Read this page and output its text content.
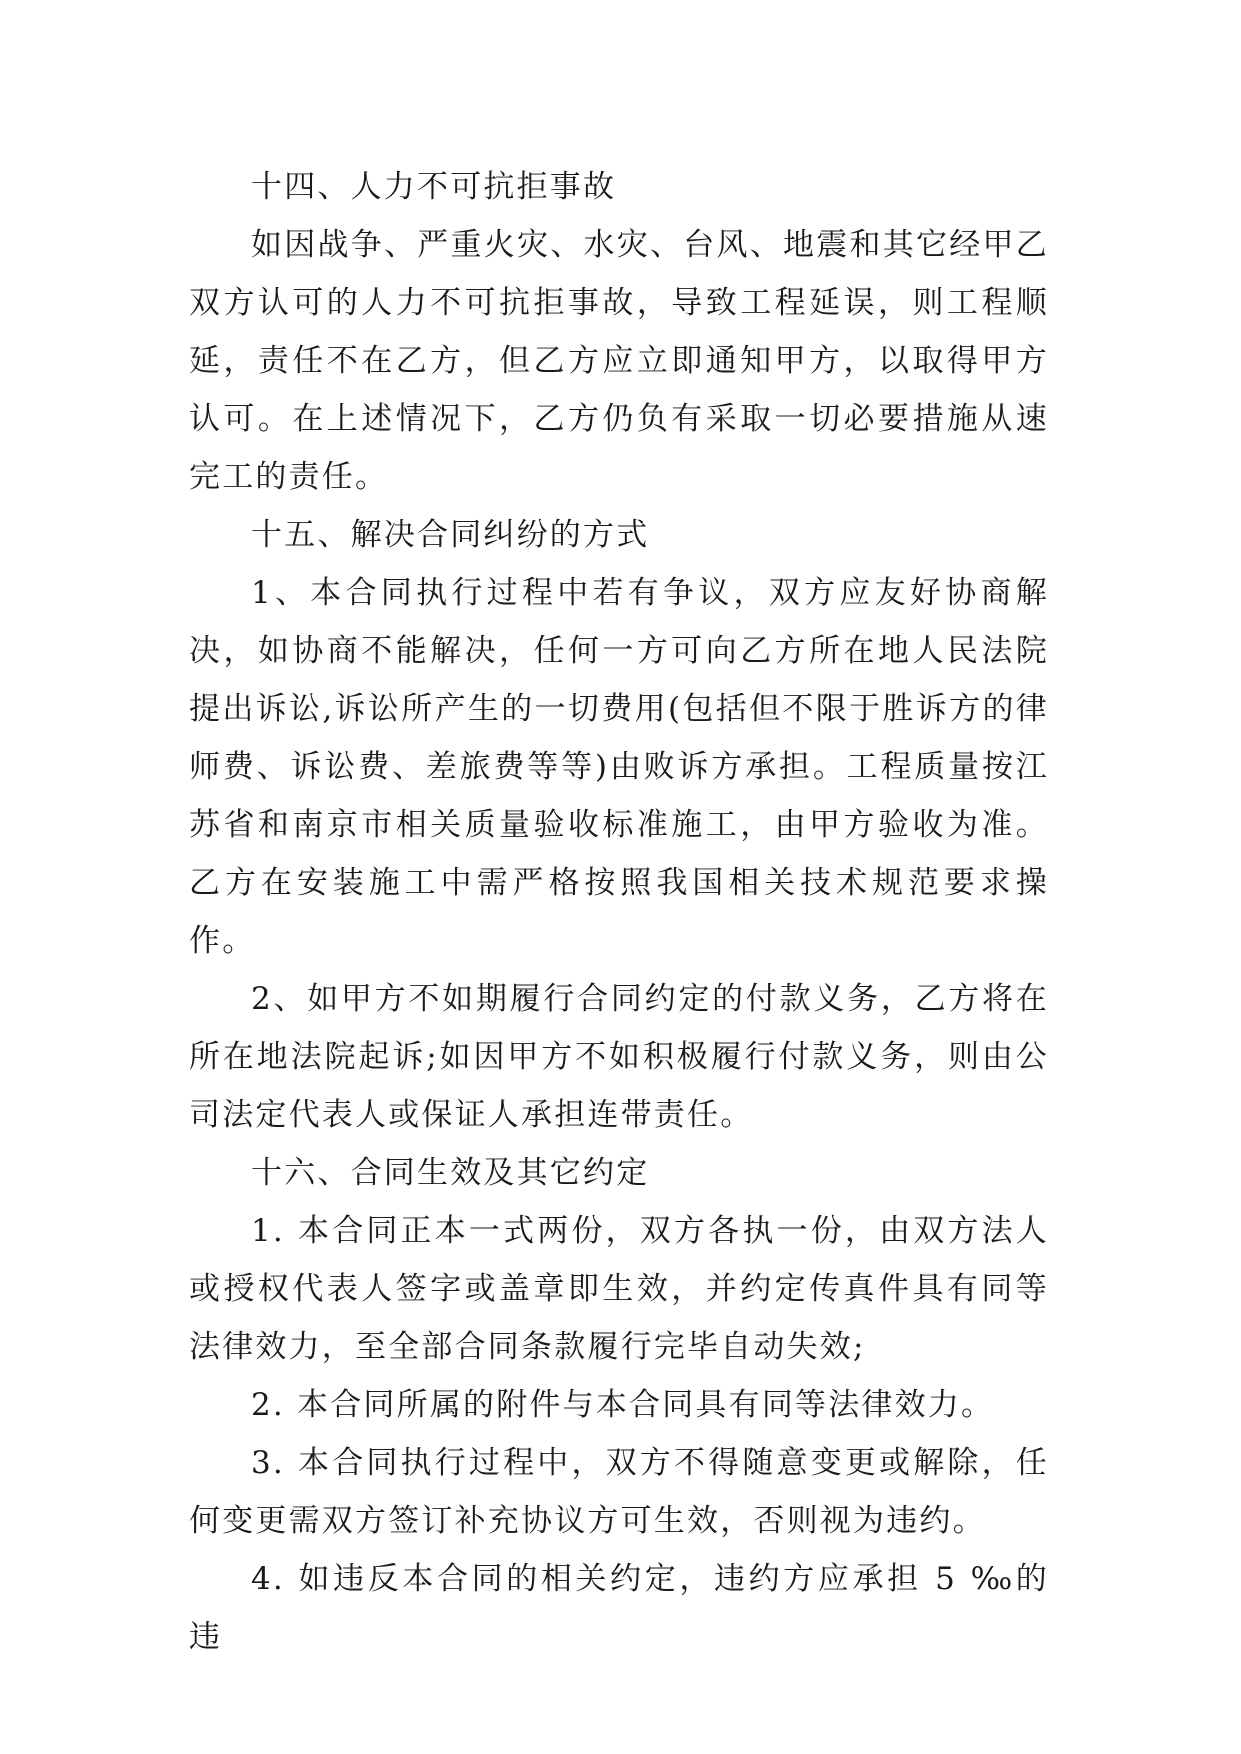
十四、人力不可抗拒事故

如因战争、严重火灾、水灾、台风、地震和其它经甲乙双方认可的人力不可抗拒事故，导致工程延误，则工程顺延，责任不在乙方，但乙方应立即通知甲方，以取得甲方认可。在上述情况下，乙方仍负有采取一切必要措施从速完工的责任。

十五、解决合同纠纷的方式

1、本合同执行过程中若有争议，双方应友好协商解决，如协商不能解决，任何一方可向乙方所在地人民法院提出诉讼,诉讼所产生的一切费用(包括但不限于胜诉方的律师费、诉讼费、差旅费等等)由败诉方承担。工程质量按江苏省和南京市相关质量验收标准施工，由甲方验收为准。 乙方在安装施工中需严格按照我国相关技术规范要求操作。

2、如甲方不如期履行合同约定的付款义务，乙方将在所在地法院起诉;如因甲方不如积极履行付款义务，则由公司法定代表人或保证人承担连带责任。

十六、合同生效及其它约定

1. 本合同正本一式两份，双方各执一份，由双方法人或授权代表人签字或盖章即生效，并约定传真件具有同等法律效力，至全部合同条款履行完毕自动失效;

2. 本合同所属的附件与本合同具有同等法律效力。

3. 本合同执行过程中，双方不得随意变更或解除，任何变更需双方签订补充协议方可生效，否则视为违约。

4. 如违反本合同的相关约定，违约方应承担 5 ‰的违
